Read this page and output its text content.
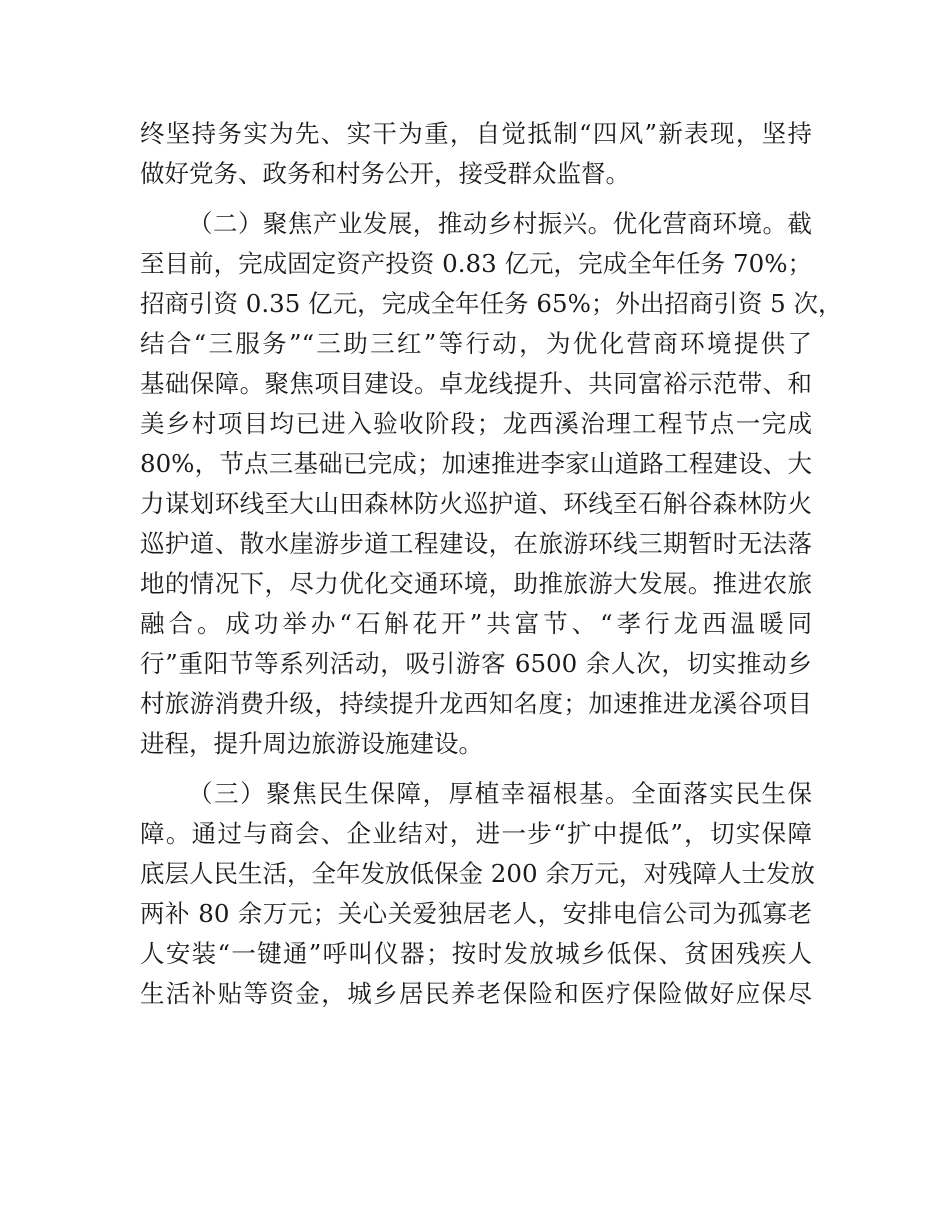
终坚持务实为先、实干为重，自觉抵制“四风”新表现，坚持
做好党务、政务和村务公开，接受群众监督。
（二）聚焦产业发展，推动乡村振兴。优化营商环境。截
至目前，完成固定资产投资 0.83 亿元，完成全年任务 70%；
招商引资 0.35 亿元，完成全年任务 65%；外出招商引资 5 次，
结合“三服务”“三助三红”等行动，为优化营商环境提供了
基础保障。聚焦项目建设。卓龙线提升、共同富裕示范带、和
美乡村项目均已进入验收阶段；龙西溪治理工程节点一完成
80%，节点三基础已完成；加速推进李家山道路工程建设、大
力谋划环线至大山田森林防火巡护道、环线至石斛谷森林防火
巡护道、散水崖游步道工程建设，在旅游环线三期暂时无法落
地的情况下，尽力优化交通环境，助推旅游大发展。推进农旅
融合。成功举办“石斛花开”共富节、“孝行龙西温暖同
行”重阳节等系列活动，吸引游客 6500 余人次，切实推动乡
村旅游消费升级，持续提升龙西知名度；加速推进龙溪谷项目
进程，提升周边旅游设施建设。
（三）聚焦民生保障，厚植幸福根基。全面落实民生保
障。通过与商会、企业结对，进一步“扩中提低”，切实保障
底层人民生活，全年发放低保金 200 余万元，对残障人士发放
两补 80 余万元；关心关爱独居老人，安排电信公司为孤寡老
人安装“一键通”呼叫仪器；按时发放城乡低保、贫困残疾人
生活补贴等资金，城乡居民养老保险和医疗保险做好应保尽
